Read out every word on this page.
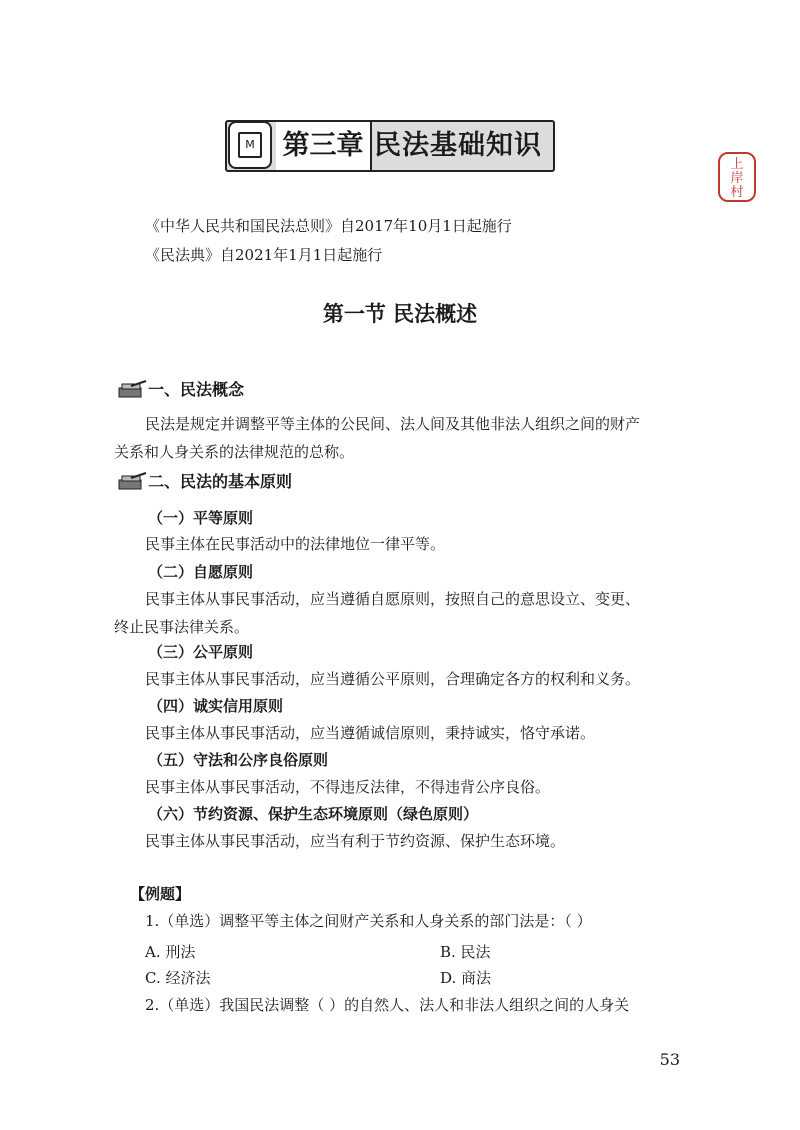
M 第三章 民法基础知识
上岸村
《中华人民共和国民法总则》自2017年10月1日起施行
《民法典》自2021年1月1日起施行
第一节 民法概述
一、民法概念
民法是规定并调整平等主体的公民间、法人间及其他非法人组织之间的财产
关系和人身关系的法律规范的总称。
二、民法的基本原则
（一）平等原则
民事主体在民事活动中的法律地位一律平等。
（二）自愿原则
民事主体从事民事活动，应当遵循自愿原则，按照自己的意思设立、变更、
终止民事法律关系。
（三）公平原则
民事主体从事民事活动，应当遵循公平原则，合理确定各方的权利和义务。
（四）诚实信用原则
民事主体从事民事活动，应当遵循诚信原则，秉持诚实，恪守承诺。
（五）守法和公序良俗原则
民事主体从事民事活动，不得违反法律，不得违背公序良俗。
（六）节约资源、保护生态环境原则（绿色原则）
民事主体从事民事活动，应当有利于节约资源、保护生态环境。
【例题】
1.（单选）调整平等主体之间财产关系和人身关系的部门法是：（ ）
A. 刑法	B. 民法
C. 经济法	D. 商法
2.（单选）我国民法调整（ ）的自然人、法人和非法人组织之间的人身关
53
